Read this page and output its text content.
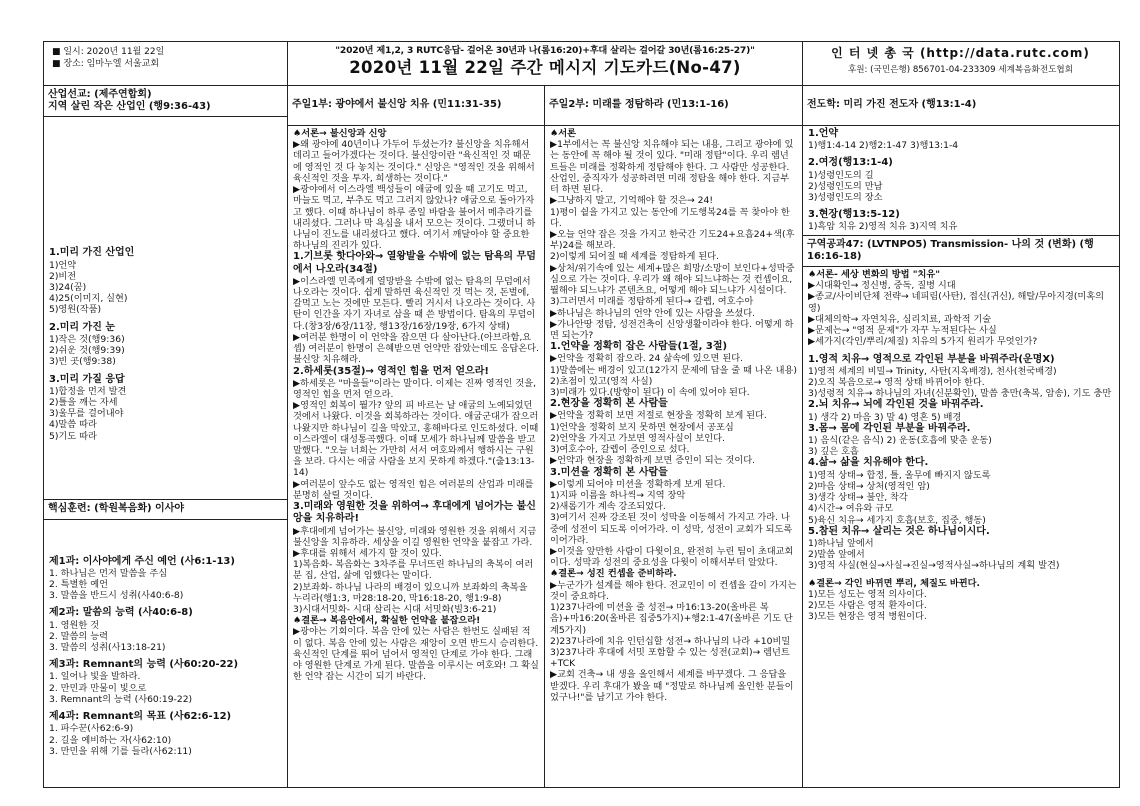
■ 일시: 2020년 11월 22일
■ 장소: 임마누엘 서울교회
"2020년 제1,2, 3 RUTC응답- 걸어온 30년과 나(롬16:20)+후대 살리는 걸어갈 30년(롬16:25-27)"
2020년 11월 22일 주간 메시지 기도카드(No-47)
인 터 넷 총 국 (http://data.rutc.com)
후원: (국민은행) 856701-04-233309 세계복음화전도협회
산업선교: (제주연합회)
지역 살린 작은 산업인 (행9:36-43)
1.미리 가진 산업인
1)언약
2)비전
3)24(꿈)
4)25(이미지, 실현)
5)영원(작품)
2.미리 가진 눈
1)작은 것(행9:36)
2)쉬운 것(행9:39)
3)빈 곳(행9:38)
3.미리 가질 응답
1)합정을 먼저 발견
2)틀을 깨는 자세
3)울무를 걸어내야
4)말씀 따라
5)기도 따라
핵심훈련: (학원복음화) 이사야
제1과: 이사야에게 주신 예언 (사6:1-13)
1. 하나님은 먼저 말씀을 주심
2. 특별한 예언
3. 말씀을 반드시 성취(사40:6-8)
제2과: 말씀의 능력 (사40:6-8)
1. 영원한 것
2. 말씀의 능력
3. 말씀의 성취(사13:18-21)
제3과: Remnant의 능력 (사60:20-22)
1. 일어나 빛을 발하라.
2. 만민과 만물이 빛으로
3. Remnant의 능력 (사60:19-22)
제4과: Remnant의 목표 (사62:6-12)
1. 파수꾼(사62:6-9)
2. 길을 예비하는 자(사62:10)
3. 만민을 위해 기를 들라(사62:11)
주일1부: 광야에서 불신앙 치유 (민11:31-35)
♠서론→ 불신앙과 신앙
▶왜 광야에 40년이나 가두어 두셨는가? 불신앙을 치유해서 데리고 들어가겠다는 것이다. 불신앙이란 "육신적인 것 때문에 영적인 것 다 놓치는 것이다." 신앙은 "영적인 것을 위해서 육신적인 것을 투자, 희생하는 것이다."
▶광야에서 이스라엘 백성들이 애굽에 있을 때 고기도 먹고, 마늘도 먹고, 부추도 먹고 그러지 않았나? 애굽으로 돌아가자고 했다. 이때 하나님이 하루 종일 바람을 불어서 메추라기를 내리셨다. 그러나 막 욕심을 내서 모으는 것이다. 그랬더니 하나님이 진노를 내리셨다고 했다. 여기서 깨달아야 할 중요한 하나님의 진리가 있다.
1.기브롯 핫다아와→ 열왕발을 수밖에 없는 탐욕의 무덤에서 나오라(34절)
▶이스라엘 민족에게 열망받을 수밖에 없는 탐욕의 무덤에서 나오라는 것이다. 쉽게 말하면 육신적인 것 먹는 것, 돈벌에, 갈먹고 노는 것에만 모든다. 빨리 거시서 나오라는 것이다. 사탄이 인간을 자기 자녀로 삼을 때 쓴 방법이다. 탐욕의 무덤이다.(창3장/6장/11장, 행13장/16장/19장, 6가지 상태)
▶여러분 한명이 이 언약을 잡으면 다 살아난다.(아브라함,요셉) 여러분이 한명이 은혜받으면 언약만 잡았는데도 응답온다. 불신앙 치유해라.
2.하세롯(35절)→ 영적인 힘을 먼저 얻으라!
▶하세롯은 "마을들"이라는 말이다. 이제는 진짜 영적인 것을, 영적인 힘을 먼저 얻으라.
▶영적인 회복이 뭘가? 앞의 피 바르는 날 애굽의 노예되었던 것에서 나왔다. 이것을 회복하라는 것이다. 애굽군대가 잡으러 나왔지만 하나님이 길을 막았고, 홍해바다로 인도하셨다. 이때 이스라엘이 대성통곡했다. 이때 모세가 하나님께 말씀을 받고 말했다. "오늘 너희는 가만히 서서 여호와께서 행하시는 구원을 보라. 다시는 애굽 사람을 보지 못하게 하겠다."(출13:13-14)
▶여러분이 앞수도 없는 영적인 힘은 여러분의 산업과 미래를 분명히 살릴 것이다.
3.미래와 영원한 것을 위하여→ 후대에게 넘어가는 불신앙을 치유하라!
▶후대에게 넘어가는 불신앙, 미래와 영원한 것을 위해서 지금 불신앙을 치유하라. 세상을 이길 영원한 언약을 붙잡고 가라.
▶후대를 위해서 세가지 할 것이 있다.
1)복음화- 복음화는 3차주를 무너뜨린 하나님의 축복이 여러분 집, 산업, 삶에 임했다는 말이다.
2)보좌화- 하나님 나라의 배경이 있으니까 보좌화의 축복을 누리라(행1:3, 마28:18-20, 막16:18-20, 행1:9-8)
3)시대서밋화- 시대 살리는 시대 서밋화(빌3:6-21)
♠결론→ 복음안에서, 확실한 언약을 붙잡으라!
▶광야는 기회이다. 복음 안에 있는 사람은 한번도 실패된 적이 없다. 복음 안에 있는 사람은 재앙이 오면 반드시 승리한다. 육신적인 단계를 뛰어 넘어서 영적인 단계로 가야 한다. 그래야 영원한 단계로 가게 된다. 말씀을 이루시는 여호와! 그 확실한 언약 잡는 시간이 되기 바란다.
주일2부: 미래를 정탐하라 (민13:1-16)
♠서론
▶1부에서는 꼭 불신앙 치유해야 되는 내용, 그리고 광야에 있는 동안에 꼭 해야 될 것이 있다. "미래 정탐"이다. 우리 렘넌트들은 미래를 정확하게 정탐해야 한다. 그 사람만 성공한다. 산업인, 중직자가 성공하려면 미래 정탐을 해야 한다. 지금부터 하면 된다.
▶그냥하지 말고, 기억해야 할 것은→ 24!
1)평이 쉴을 가지고 있는 동안에 기도행복24를 꼭 찾아야 한다.
▶오늘 언약 잡은 것을 가지고 한국간 기도24+요흡24+색(후부)24를 해보라.
2)이렇게 되어질 때 세계를 정탐하게 된다.
▶상처/위기속에 있는 세계+많은 희망/소망이 보인다+성막중심으로 가는 것이다. 우리가 왜 해야 되느냐하는 것 컨셉이요, 뭘해야 되느냐가 콘텐츠요, 어떻게 해야 되느냐가 시설이다.
3)그러면서 미래를 정탐하게 된다→ 갈렙, 여호수아
▶하나님은 하나님의 언약 안에 있는 사람을 쓰셨다.
▶가나안땅 정탐, 성전건축이 신앙생활이라야 한다. 어떻게 하면 되는가?
1.언약을 정확히 잡은 사람들(1절, 3절)
▶언약을 정확히 잡으라. 24 삶속에 있으면 된다.
1)말씀에는 배경이 있고(12가지 문제에 답을 줄 때 나온 내용)
2)초점이 있고(영적 사실)
3)미래가 있다.(방향이 된다) 이 속에 있어야 된다.
2.현장을 정확히 본 사람들
▶언약을 정확히 보면 저절로 현장을 정확히 보게 된다.
1)언약을 정확히 보지 못하면 현장에서 공포심
2)언약을 가지고 가보면 영적사실이 보인다.
3)여호수아, 갈렙이 증인으로 섰다.
▶언약과 현장을 정확하게 보면 증인이 되는 것이다.
3.미션을 정확히 본 사람들
▶이렇게 되어야 미션을 정확하게 보게 된다.
1)지파 이름을 하나씩→ 지역 장악
2)새롭기가 계속 강조되었다.
3)여기서 진짜 강조된 것이 성막을 이동해서 가지고 가라. 나중에 성전이 되도록 이어가라. 이 성막, 성전이 교회가 되도록 이어가라.
▶이것을 앞만한 사람이 다윗이요, 완전히 누린 팀이 초대교회이다. 성막과 성전의 중요성을 다윗이 이해서부터 알았다.
♠결론→ 성진 컨셉을 준비하라.
▶누군가가 설계를 해야 한다. 전교인이 이 컨셉을 갈이 가지는 것이 중요하다.
1)237나라에 미션을 줄 성전→ 마16:13-20(올바른 복음)+마16:20(올바른 집중5가지)+행2:1-47(올바른 기도 단계5가지)
2)237나라에 치유 인턴십할 성전→ 하나님의 나라 +10비밀
3)237나라 후대에 서밋 포함할 수 있는 성전(교회)→ 렘넌트+TCK
▶교회 건축→ 내 생을 올인해서 세계를 바꾸겠다. 그 응답을 받겠다. 우리 후대가 봤을 때 "정말로 하나님께 올인한 분들이었구나!"를 남기고 가야 한다.
전도학: 미리 가진 전도자 (행13:1-4)
1.언약
1)행1:4-14 2)행2:1-47 3)행13:1-4
2.여정(행13:1-4)
1)성령인도의 길
2)성령인도의 만남
3)성령인도의 장소
3.현장(행13:5-12)
1)흑암 치유 2)영적 치유 3)지역 치유
구역공과47: (LVTNPO5) Transmission- 나의 것 (변화) (행16:16-18)
♠서론- 세상 변화의 방법 "치유"
▶시대확인→ 정신병, 중독, 질병 시대
▶종교/사이비단체 전략→ 네피림(사탄), 접신(귀신), 해탈/무아지경(미혹의 영)
▶대체의학→ 자연치유, 심리치료, 과학적 기술
▶문제는→ "영적 문제"가 자꾸 누적된다는 사실
▶세가지(각인/뿌리/체질) 치유의 5가지 원리가 무엇인가?
1.영적 치유→ 영적으로 각인된 부분을 바꿔주라(운명X)
1)영적 세계의 비밀→ Trinity, 사탄(지옥배경), 천사(천국배경)
2)오직 복음으로→ 영적 상태 바뀌어야 한다.
3)성령적 치유→ 하나님의 자녀(신분확인), 말씀 충만(축복, 암송), 기도 충만
2.뇌 치유→ 뇌에 각인된 것을 바꿔주라.
1) 생각 2) 마음 3) 말 4) 영혼 5) 배경
3.몸→ 몸에 각인된 부분을 바꿔주라.
1) 음식(같은 음식) 2) 운동(호흡에 맞춘 운동)
3) 깊은 호흡
4.삶→ 삶을 치유해야 한다.
1)영적 상태→ 합정, 틀, 올무에 빠지지 않도록
2)마음 상태→ 상처(영적인 암)
3)생각 상태→ 불안, 착각
4)시간→ 여유와 규모
5)육신 치유→ 세가지 호흡(보호, 집중, 행동)
5.참된 치유→ 살리는 것은 하나님이시다.
1)하나님 앞에서
2)말씀 앞에서
3)영적 사실(현실→사실→진실→영적사실→하나님의 계획 발견)
♠결론→ 각인 바뀌면 뿌리, 체질도 바뀐다.
1)모든 성도는 영적 의사이다.
2)모든 사람은 영적 환자이다.
3)모든 현장은 영적 병원이다.
